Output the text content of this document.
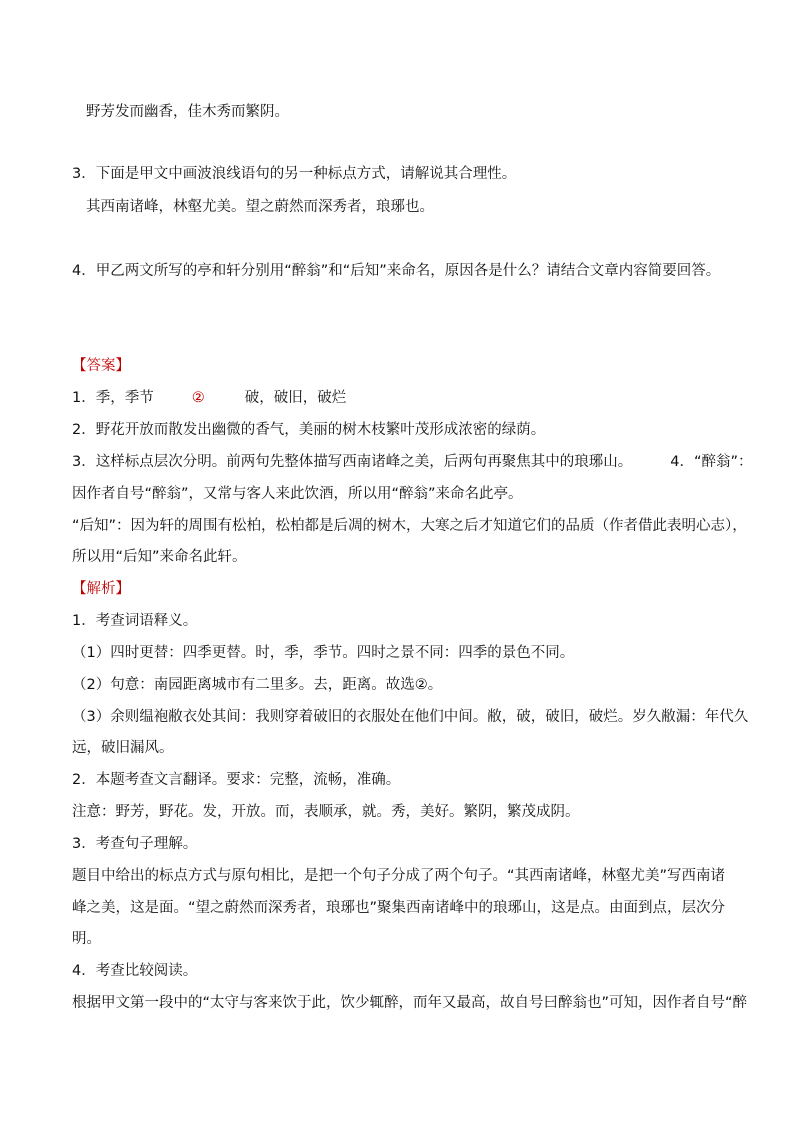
野芳发而幽香，佳木秀而繁阴。
3．下面是甲文中画波浪线语句的另一种标点方式，请解说其合理性。
其西南诸峰，林壑尤美。望之蔚然而深秀者，琅琊也。
4．甲乙两文所写的亭和轩分别用“醉翁”和“后知”来命名，原因各是什么？请结合文章内容简要回答。
【答案】
1．季，季节	②	破，破旧，破烂
2．野花开放而散发出幽微的香气，美丽的树木枝繁叶茂形成浓密的绿荫。
3．这样标点层次分明。前两句先整体描写西南诸峰之美，后两句再聚焦其中的琅琊山。	4．“醉翁”：
因作者自号“醉翁”，又常与客人来此饮酒，所以用“醉翁”来命名此亭。
“后知”：因为轩的周围有松柏，松柏都是后凋的树木，大寒之后才知道它们的品质（作者借此表明心志），
所以用“后知”来命名此轩。
【解析】
1．考查词语释义。
（1）四时更替：四季更替。时，季，季节。四时之景不同：四季的景色不同。
（2）句意：南园距离城市有二里多。去，距离。故选②。
（3）余则缊袍敝衣处其间：我则穿着破旧的衣服处在他们中间。敝，破，破旧，破烂。岁久敝漏：年代久
远，破旧漏风。
2．本题考查文言翻译。要求：完整，流畅，准确。
注意：野芳，野花。发，开放。而，表顺承，就。秀，美好。繁阴，繁茂成阴。
3．考查句子理解。
题目中给出的标点方式与原句相比，是把一个句子分成了两个句子。“其西南诸峰，林壑尤美”写西南诸
峰之美，这是面。“望之蔚然而深秀者，琅琊也”聚集西南诸峰中的琅琊山，这是点。由面到点，层次分
明。
4．考查比较阅读。
根据甲文第一段中的“太守与客来饮于此，饮少辄醉，而年又最高，故自号曰醉翁也”可知，因作者自号“醉
